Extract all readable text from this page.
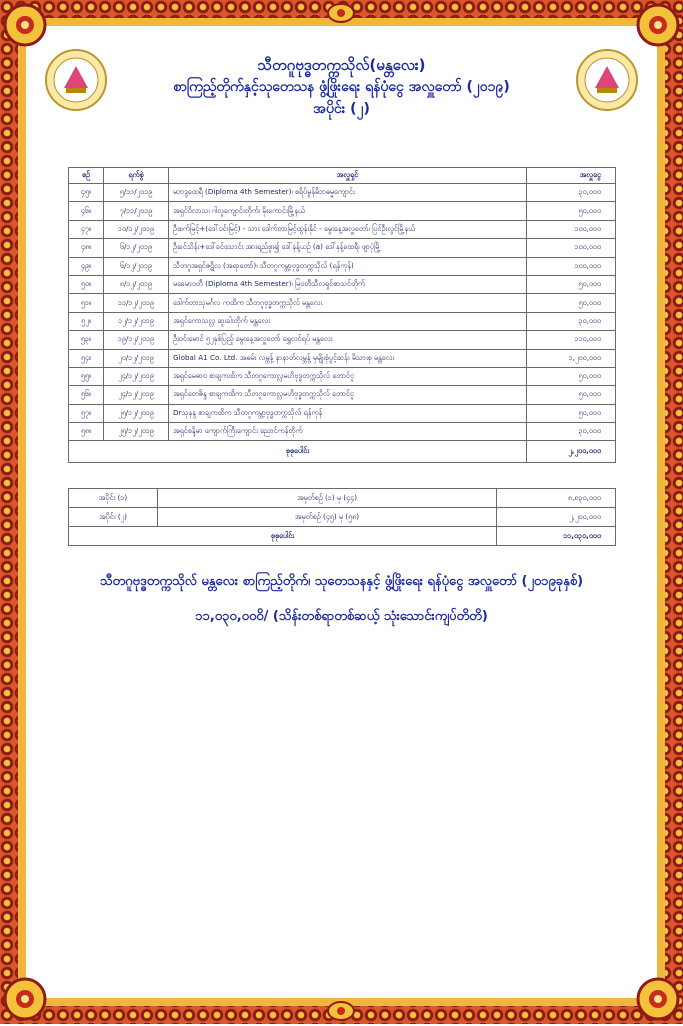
သီတဂူဗုဒ္ဓတက္ကသိုလ်(မန္တလေး)
စာကြည့်တိုက်နှင့်သုတေသန ဖွံ့ဖြိုးရေး ရန်ပုံငွေ အလှူတော် (၂၀၁၉)
အပိုင်း (၂)
စဉ်	ရက်စွဲ	အလှူရှင်	အလှူငွေ
၄၅။	၅/၁၁/၂၀၁၉	မဘဒ္ဒထေရီ (Diploma 4th Semester)၊ စရိပ်မွန်ဓိဘဓမ္မကျောင်း	၃၀,၀၀၀
၄၆။	၇/၁၁/၂၀၁၉	အရှင်ဝိလာသ၊ ဂါလူကျောင်းတိုက်၊ မိုးကောင်းမြို့နယ်	၅၀,၀၀၀
၄၇။	၁၀/၁၂/၂၀၁၉	ဦးစက်မြင့်+(ဒေါ်ဝင်းမြင့်) - သား ဒေါက်တာမြင့်ထွန်းနိုင် - မွေးနေ့အလှူတော်၊ ပြင်ဦးလွင်မြို့နယ်	၁၀၀,၀၀၀
၄၈။	၆/၁၂/၂၀၁၉	ဦးခင်သိန်း+ဒေါ်ခင်သောင်း အားရည်စူး၍ ဒေါ်နန့်ယဉ် (a) ဒေါ်နန့်ထေရီ၊ ဖျာပုံမြို့	၁၀၀,၀၀၀
၄၉။	၆/၁၂/၂၀၁၉	သီတဂူအရှင်ဇဋိလ (အရာတော်)၊ သီတဂူကမ္ဘာ့ဗုဒ္ဓတက္ကသိုလ် (ရန်ကုန်)	၁၀၀,၀၀၀
၅၀။	၈/၁၂/၂၀၁၉	မခေမာဝတီ (Diploma 4th Semester)၊ မြဝတီသီလရှင်စာသင်တိုက်	၅၀,၀၀၀
၅၁။	၁၁/၁၂/၂၀၁၉	ဒေါက်တာသုမင်္ဂလ ကထိက သီတဂူဗုဒ္ဓတက္ကသိုလ် မန္တလေး	၅၀,၀၀၀
၅၂။	၁၂/၁၂/၂၀၁၉	အရှင်ကောသလ္လ ဆူးခါးတိုက် မန္တလေး	၃၀,၀၀၀
၅၃။	၁၉/၁၂/၂၀၁၉	ဦးဝင်းမောင် ၅၂နှစ်ပြည့် မွေးနေ့အလှူတော် ရွှေလင်ရပ် မန္တလေး	၁၁၀,၀၀၀
၅၄။	၂၀/၁၂/၂၀၁၉	Global A1 Co. Ltd. အဓမ်း လမ္ဘန့် နာနာတ်လမ္ဘန့် မှမျိုးစုံပွင့်ဆန်း မိသားစု မန္တလေး	၁,၂၀၀,၀၀၀
၅၅။	၂၄/၁၂/၂၀၁၉	အရှင်မေဓာဝ စာချကထိက သီတဂူကောလ္လမဟိဗုဒ္ဓတက္ကသိုလ် တောင်ငူ	၅၀,၀၀၀
၅၆။	၂၄/၁၂/၂၀၁၉	အရှင်တေဇိန္ဒ စာချကထိက သီတဂူကောလ္လမဟိဗုဒ္ဓတက္ကသိုလ် တောင်ငူ	၅၀,၀၀၀
၅၇။	၂၅/၁၂/၂၀၁၉	Drသုနန္ဒ စာချကထိက သီတဂူကမ္ဘာ့ဗုဒ္ဓတက္ကသိုလ် ရန်ကုန်	၅၀,၀၀၀
၅၈။	၂၅/၁၂/၂၀၁၉	အရှင်စန္ဒိမာ ကျောက်ကြီးကျောင်း ညောင်ကန်တိုက်	၃၀,၀၀၀
စုစုပေါင်း			၂,၂၀၀,၀၀၀
အပိုင်း (၁)	အမှတ်စဉ် (၁) မှ (၄၄)	၈,၈၃၀,၀၀၀
အပိုင်း (၂)	အမှတ်စဉ် (၄၅) မှ (၅၈)	၂,၂၀၀,၀၀၀
စုစုပေါင်း		၁၁,၀၃၀,၀၀၀
သီတဂူဗုဒ္ဓတက္ကသိုလ် မန္တလေး စာကြည့်တိုက်၊ သုတေသနနှင့် ဖွံ့ဖြိုးရေး ရန်ပုံငွေ အလှူတော် (၂၀၁၉ခုနှစ်)
၁၁,၀၃၀,၀၀၀ိ/ (သိန်းတစ်ရာတစ်ဆယ့် သုံးသောင်းကျပ်တိတိ)
